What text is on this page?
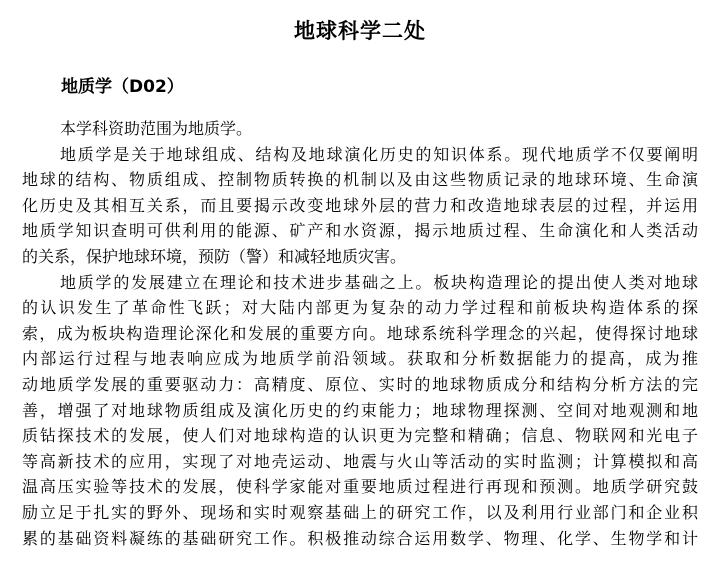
地球科学二处
地质学（D02）
本学科资助范围为地质学。
地质学是关于地球组成、结构及地球演化历史的知识体系。现代地质学不仅要阐明
地球的结构、物质组成、控制物质转换的机制以及由这些物质记录的地球环境、生命演
化历史及其相互关系，而且要揭示改变地球外层的营力和改造地球表层的过程，并运用
地质学知识查明可供利用的能源、矿产和水资源，揭示地质过程、生命演化和人类活动
的关系，保护地球环境，预防（警）和减轻地质灾害。
地质学的发展建立在理论和技术进步基础之上。板块构造理论的提出使人类对地球
的认识发生了革命性飞跃；对大陆内部更为复杂的动力学过程和前板块构造体系的探
索，成为板块构造理论深化和发展的重要方向。地球系统科学理念的兴起，使得探讨地球
内部运行过程与地表响应成为地质学前沿领域。获取和分析数据能力的提高，成为推
动地质学发展的重要驱动力：高精度、原位、实时的地球物质成分和结构分析方法的完
善，增强了对地球物质组成及演化历史的约束能力；地球物理探测、空间对地观测和地
质钻探技术的发展，使人们对地球构造的认识更为完整和精确；信息、物联网和光电子
等高新技术的应用，实现了对地壳运动、地震与火山等活动的实时监测；计算模拟和高
温高压实验等技术的发展，使科学家能对重要地质过程进行再现和预测。地质学研究鼓
励立足于扎实的野外、现场和实时观察基础上的研究工作，以及利用行业部门和企业积
累的基础资料凝练的基础研究工作。积极推动综合运用数学、物理、化学、生物学和计
